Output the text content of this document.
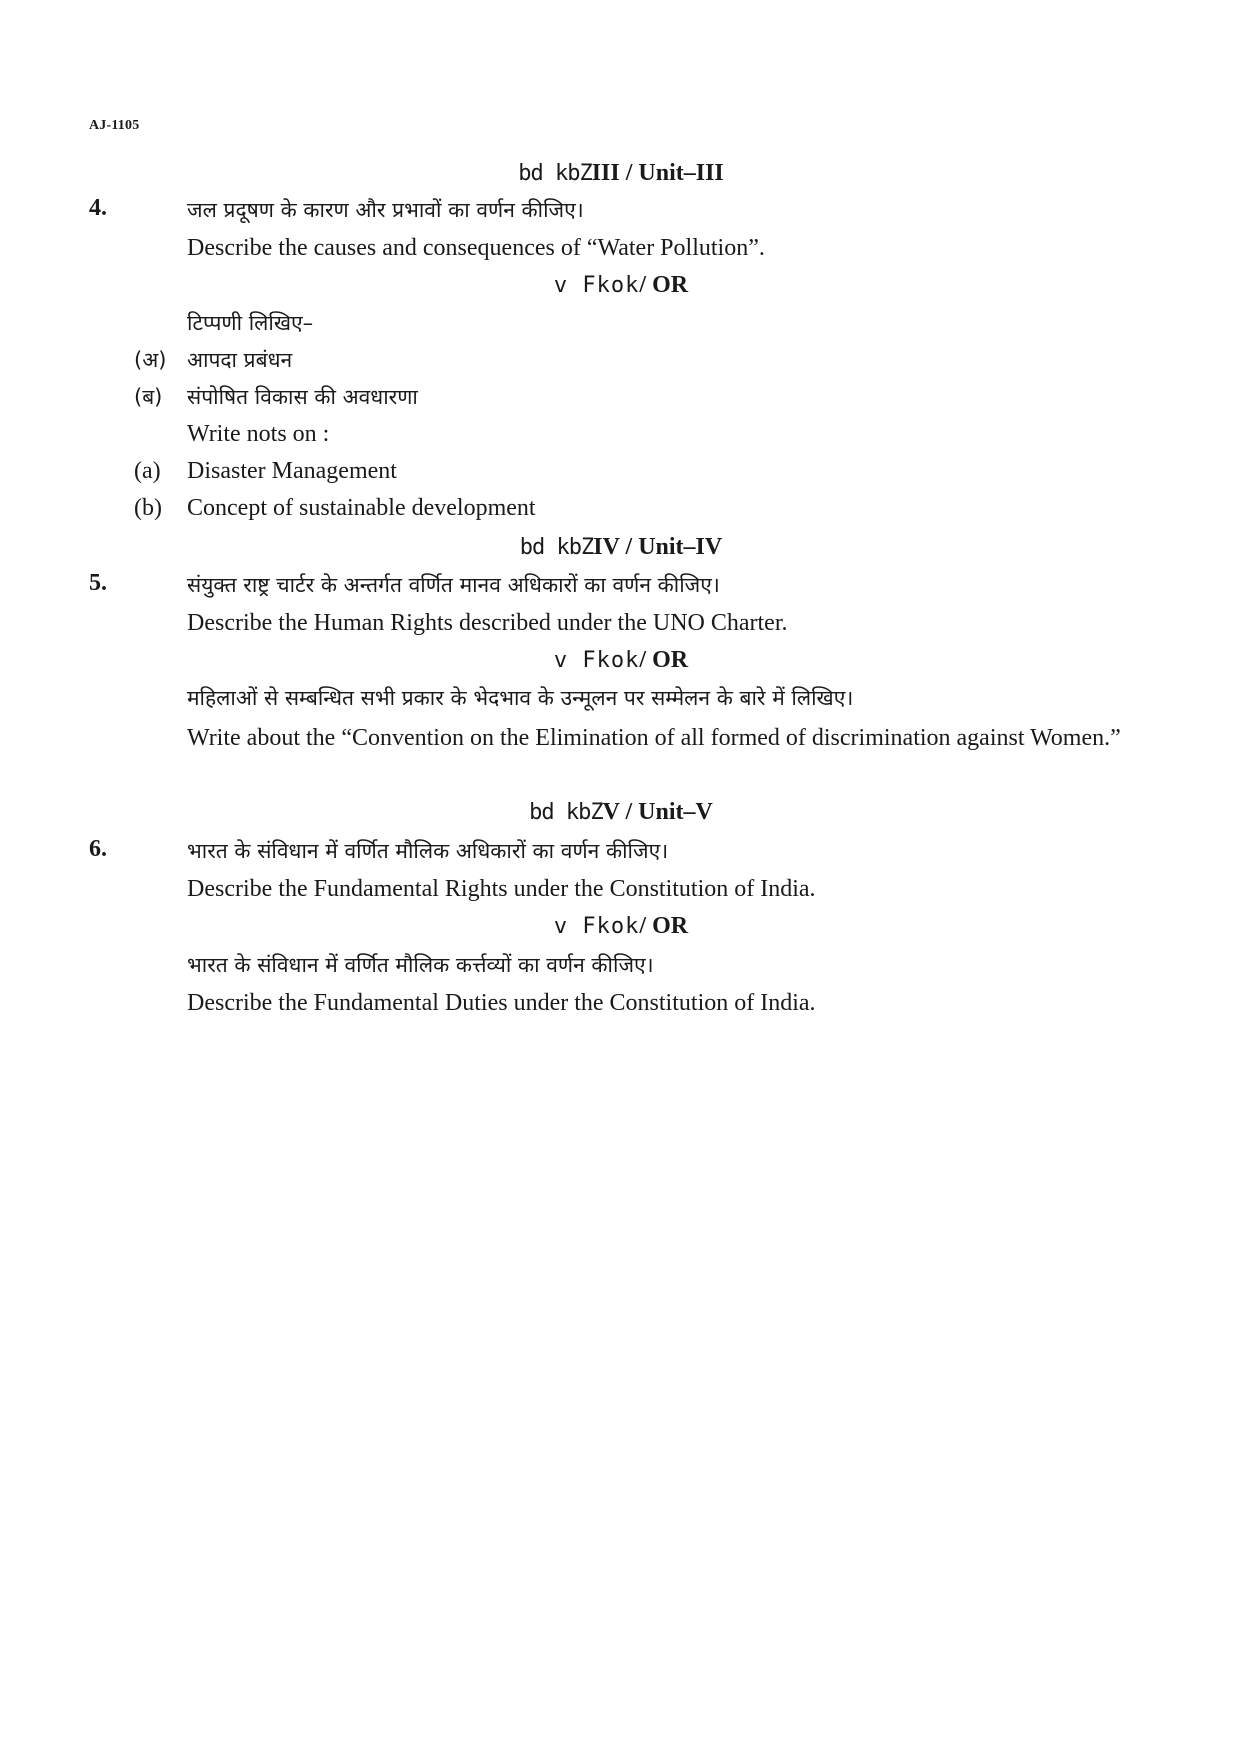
AJ-1105
bd kbZIII / Unit–III
4.	जल प्रदूषण के कारण और प्रभावों का वर्णन कीजिए।
Describe the causes and consequences of “Water Pollution”.
v Fkok/ OR
टिप्पणी लिखिए–
(अ) आपदा प्रबंधन
(ब) संपोषित विकास की अवधारणा
Write nots on :
(a) Disaster Management
(b) Concept of sustainable development
bd kbZIV / Unit–IV
5.	संयुक्त राष्ट्र चार्टर के अन्तर्गत वर्णित मानव अधिकारों का वर्णन कीजिए।
Describe the Human Rights described under the UNO Charter.
v Fkok/ OR
महिलाओं से सम्बन्धित सभी प्रकार के भेदभाव के उन्मूलन पर सम्मेलन के बारे में लिखिए।
Write about the “Convention on the Elimination of all formed of discrimination against Women.”
bd kbZV / Unit–V
6.	भारत के संविधान में वर्णित मौलिक अधिकारों का वर्णन कीजिए।
Describe the Fundamental Rights under the Constitution of India.
v Fkok/ OR
भारत के संविधान में वर्णित मौलिक कर्त्तव्यों का वर्णन कीजिए।
Describe the Fundamental Duties under the Constitution of India.
